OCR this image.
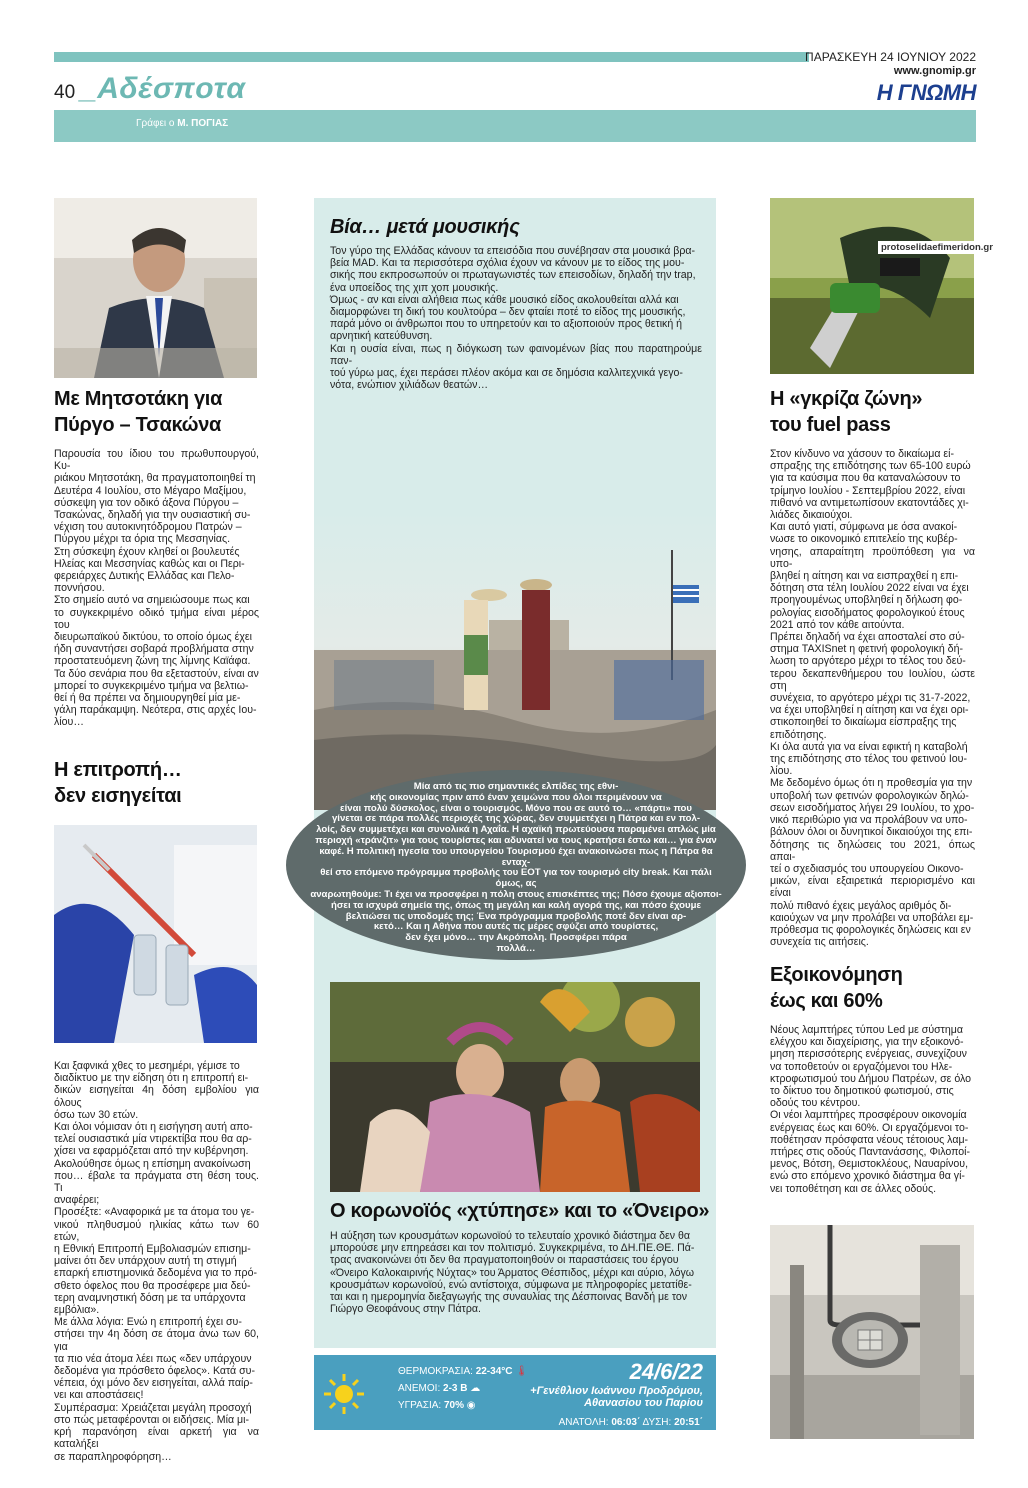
40 _Αδέσποτα
ΠΑΡΑΣΚΕΥΗ 24 ΙΟΥΝΙΟΥ 2022
www.gnomip.gr
Η ΓΝΩΜΗ
Γράφει ο Μ. ΠΟΓΙΑΣ
Με Μητσοτάκη για
Πύργο – Τσακώνα

Παρουσία του ίδιου του πρωθυπουργού, Κυ-

ριάκου Μητσοτάκη, θα πραγματοποιηθεί τη

Δευτέρα 4 Ιουλίου, στο Μέγαρο Μαξίμου,

σύσκεψη για τον οδικό άξονα Πύργου –

Τσακώνας, δηλαδή για την ουσιαστική συ-

νέχιση του αυτοκινητόδρομου Πατρών –

Πύργου μέχρι τα όρια της Μεσσηνίας.

Στη σύσκεψη έχουν κληθεί οι βουλευτές

Ηλείας και Μεσσηνίας καθώς και οι Περι-

φερειάρχες Δυτικής Ελλάδας και Πελο-

ποννήσου.

Στο σημείο αυτό να σημειώσουμε πως και

το συγκεκριμένο οδικό τμήμα είναι μέρος του

διευρωπαϊκού δικτύου, το οποίο όμως έχει

ήδη συναντήσει σοβαρά προβλήματα στην

προστατευόμενη ζώνη της λίμνης Καϊάφα.

Τα δύο σενάρια που θα εξεταστούν, είναι αν

μπορεί το συγκεκριμένο τμήμα να βελτιω-

θεί ή θα πρέπει να δημιουργηθεί μία με-

γάλη παράκαμψη. Νεότερα, στις αρχές Ιου-

λίου…

Η επιτροπή…
δεν εισηγείται

Και ξαφνικά χθες το μεσημέρι, γέμισε το

διαδίκτυο με την είδηση ότι η επιτροπή ει-

δικών εισηγείται 4η δόση εμβολίου για όλους

όσω των 30 ετών.

Και όλοι νόμισαν ότι η εισήγηση αυτή απο-

τελεί ουσιαστικά μία ντιρεκτίβα που θα αρ-

χίσει να εφαρμόζεται από την κυβέρνηση.

Ακολούθησε όμως η επίσημη ανακοίνωση

που… έβαλε τα πράγματα στη θέση τους. Τι

αναφέρει;

Προσέξτε: «Αναφορικά με τα άτομα του γε-

νικού πληθυσμού ηλικίας κάτω των 60 ετών,

η Εθνική Επιτροπή Εμβολιασμών επισημ-

μαίνει ότι δεν υπάρχουν αυτή τη στιγμή

επαρκή επιστημονικά δεδομένα για το πρό-

σθετο όφελος που θα προσέφερε μια δεύ-

τερη αναμνηστική δόση με τα υπάρχοντα

εμβόλια».

Με άλλα λόγια: Ενώ η επιτροπή έχει συ-

στήσει την 4η δόση σε άτομα άνω των 60, για

τα πιο νέα άτομα λέει πως «δεν υπάρχουν

δεδομένα για πρόσθετο όφελος». Κατά συ-

νέπεια, όχι μόνο δεν εισηγείται, αλλά παίρ-

νει και αποστάσεις!

Συμπέρασμα: Χρειάζεται μεγάλη προσοχή

στο πώς μεταφέρονται οι ειδήσεις. Μία μι-

κρή παρανόηση είναι αρκετή για να καταλήξει

σε παραπληροφόρηση…

Βία… μετά μουσικής

Τον γύρο της Ελλάδας κάνουν τα επεισόδια που συνέβησαν στα μουσικά βρα-

βεία MAD. Και τα περισσότερα σχόλια έχουν να κάνουν με το είδος της μου-

σικής που εκπροσωπούν οι πρωταγωνιστές των επεισοδίων, δηλαδή την trap,

ένα υποείδος της χιπ χοπ μουσικής.

Όμως - αν και είναι αλήθεια πως κάθε μουσικό είδος ακολουθείται αλλά και

διαμορφώνει τη δική του κουλτούρα – δεν φταίει ποτέ το είδος της μουσικής,

παρά μόνο οι άνθρωποι που το υπηρετούν και το αξιοποιούν προς θετική ή

αρνητική κατεύθυνση.

Και η ουσία είναι, πως η διόγκωση των φαινομένων βίας που παρατηρούμε παν-

τού γύρω μας, έχει περάσει πλέον ακόμα και σε δημόσια καλλιτεχνικά γεγο-

νότα, ενώπιον χιλιάδων θεατών…

Μία από τις πιο σημαντικές ελπίδες της εθνι-
κής οικονομίας πριν από έναν χειμώνα που όλοι περιμένουν να
είναι πολύ δύσκολος, είναι ο τουρισμός. Μόνο που σε αυτό το… «πάρτι» που
γίνεται σε πάρα πολλές περιοχές της χώρας, δεν συμμετέχει η Πάτρα και εν πολ-
λοίς, δεν συμμετέχει και συνολικά η Αχαΐα. Η αχαϊκή πρωτεύουσα παραμένει απλώς μία
περιοχή «τράνζιτ» για τους τουρίστες και αδυνατεί να τους κρατήσει έστω και… για έναν
καφέ. Η πολιτική ηγεσία του υπουργείου Τουρισμού έχει ανακοινώσει πως η Πάτρα θα ενταχ-
θεί στο επόμενο πρόγραμμα προβολής του ΕΟΤ για τον τουρισμό city break. Και πάλι όμως, ας
αναρωτηθούμε: Τι έχει να προσφέρει η πόλη στους επισκέπτες της; Πόσο έχουμε αξιοποι-
ήσει τα ισχυρά σημεία της, όπως τη μεγάλη και καλή αγορά της, και πόσο έχουμε
βελτιώσει τις υποδομές της; Ένα πρόγραμμα προβολής ποτέ δεν είναι αρ-
κετό… Και η Αθήνα που αυτές τις μέρες σφύζει από τουρίστες,
δεν έχει μόνο… την Ακρόπολη. Προσφέρει πάρα
πολλά…
Ο κορωνοϊός «χτύπησε» και το «Όνειρο»

Η αύξηση των κρουσμάτων κορωνοϊού το τελευταίο χρονικό διάστημα δεν θα

μπορούσε μην επηρεάσει και τον πολιτισμό. Συγκεκριμένα, το ΔΗ.ΠΕ.ΘΕ. Πά-

τρας ανακοινώνει ότι δεν θα πραγματοποιηθούν οι παραστάσεις του έργου

«Όνειρο Καλοκαιρινής Νύχτας» του Άρματος Θέσπιδος, μέχρι και αύριο, λόγω

κρουσμάτων κορωνοϊού, ενώ αντίστοιχα, σύμφωνα με πληροφορίες μετατίθε-

ται και η ημερομηνία διεξαγωγής της συναυλίας της Δέσποινας Βανδή με τον

Γιώργο Θεοφάνους στην Πάτρα.

ΘΕΡΜΟΚΡΑΣΙΑ: 22-34°C 🌡
ΑΝΕΜΟΙ: 2-3 B ☁
ΥΓΡΑΣΙΑ: 70% ◉
24/6/22
+Γενέθλιον Ιωάννου Προδρόμου,
Αθανασίου του Παρίου
ΑΝΑΤΟΛΗ: 06:03΄ ΔΥΣΗ: 20:51΄
protoselidaefimeridon.gr
Η «γκρίζα ζώνη»
του fuel pass

Στον κίνδυνο να χάσουν το δικαίωμα εί-

σπραξης της επιδότησης των 65-100 ευρώ

για τα καύσιμα που θα καταναλώσουν το

τρίμηνο Ιουλίου - Σεπτεμβρίου 2022, είναι

πιθανό να αντιμετωπίσουν εκατοντάδες χι-

λιάδες δικαιούχοι.

Και αυτό γιατί, σύμφωνα με όσα ανακοί-

νωσε το οικονομικό επιτελείο της κυβέρ-

νησης, απαραίτητη προϋπόθεση για να υπο-

βληθεί η αίτηση και να εισπραχθεί η επι-

δότηση στα τέλη Ιουλίου 2022 είναι να έχει

προηγουμένως υποβληθεί η δήλωση φο-

ρολογίας εισοδήματος φορολογικού έτους

2021 από τον κάθε αιτούντα.

Πρέπει δηλαδή να έχει αποσταλεί στο σύ-

στημα TAXISnet η φετινή φορολογική δή-

λωση το αργότερο μέχρι το τέλος του δεύ-

τερου δεκαπενθήμερου του Ιουλίου, ώστε στη

συνέχεια, το αργότερο μέχρι τις 31-7-2022,

να έχει υποβληθεί η αίτηση και να έχει ορι-

στικοποιηθεί το δικαίωμα είσπραξης της

επιδότησης.

Κι όλα αυτά για να είναι εφικτή η καταβολή

της επιδότησης στο τέλος του φετινού Ιου-

λίου.

Με δεδομένο όμως ότι η προθεσμία για την

υποβολή των φετινών φορολογικών δηλώ-

σεων εισοδήματος λήγει 29 Ιουλίου, το χρο-

νικό περιθώριο για να προλάβουν να υπο-

βάλουν όλοι οι δυνητικοί δικαιούχοι της επι-

δότησης τις δηλώσεις του 2021, όπως απαι-

τεί ο σχεδιασμός του υπουργείου Οικονο-

μικών, είναι εξαιρετικά περιορισμένο και είναι

πολύ πιθανό έχεις μεγάλος αριθμός δι-

καιούχων να μην προλάβει να υποβάλει εμ-

πρόθεσμα τις φορολογικές δηλώσεις και εν

συνεχεία τις αιτήσεις.

Εξοικονόμηση
έως και 60%

Νέους λαμπτήρες τύπου Led με σύστημα

ελέγχου και διαχείρισης, για την εξοικονό-

μηση περισσότερης ενέργειας, συνεχίζουν

να τοποθετούν οι εργαζόμενοι του Ηλε-

κτροφωτισμού του Δήμου Πατρέων, σε όλο

το δίκτυο του δημοτικού φωτισμού, στις

οδούς του κέντρου.

Οι νέοι λαμπτήρες προσφέρουν οικονομία

ενέργειας έως και 60%. Οι εργαζόμενοι το-

ποθέτησαν πρόσφατα νέους τέτοιους λαμ-

πτήρες στις οδούς Παντανάσσης, Φιλοποί-

μενος, Βότση, Θεμιστοκλέους, Ναυαρίνου,

ενώ στο επόμενο χρονικό διάστημα θα γί-

νει τοποθέτηση και σε άλλες οδούς.
